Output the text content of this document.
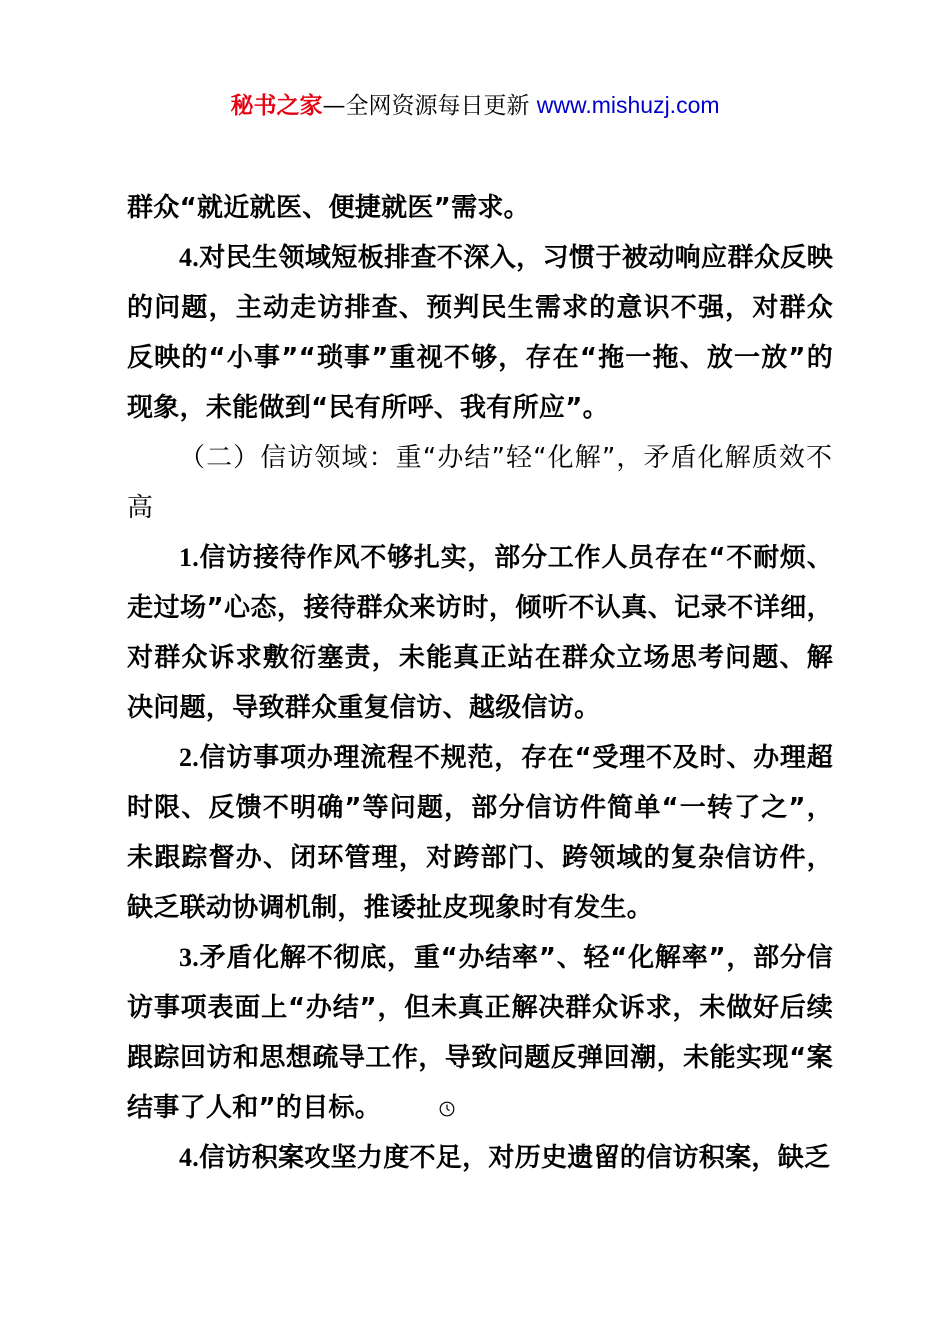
秘书之家—全网资源每日更新 www.mishuzj.com

群众“就近就医、便捷就医”需求。

4.对民生领域短板排查不深入，习惯于被动响应群众反映的问题，主动走访排查、预判民生需求的意识不强，对群众反映的“小事”“琐事”重视不够，存在“拖一拖、放一放”的现象，未能做到“民有所呼、我有所应”。

（二）信访领域：重“办结”轻“化解”，矛盾化解质效不高

1.信访接待作风不够扎实，部分工作人员存在“不耐烦、走过场”心态，接待群众来访时，倾听不认真、记录不详细，对群众诉求敷衍塞责，未能真正站在群众立场思考问题、解决问题，导致群众重复信访、越级信访。

2.信访事项办理流程不规范，存在“受理不及时、办理超时限、反馈不明确”等问题，部分信访件简单“一转了之”，未跟踪督办、闭环管理，对跨部门、跨领域的复杂信访件，缺乏联动协调机制，推诿扯皮现象时有发生。

3.矛盾化解不彻底，重“办结率”、轻“化解率”，部分信访事项表面上“办结”，但未真正解决群众诉求，未做好后续跟踪回访和思想疏导工作，导致问题反弹回潮，未能实现“案结事了人和”的目标。

4.信访积案攻坚力度不足，对历史遗留的信访积案，缺乏
